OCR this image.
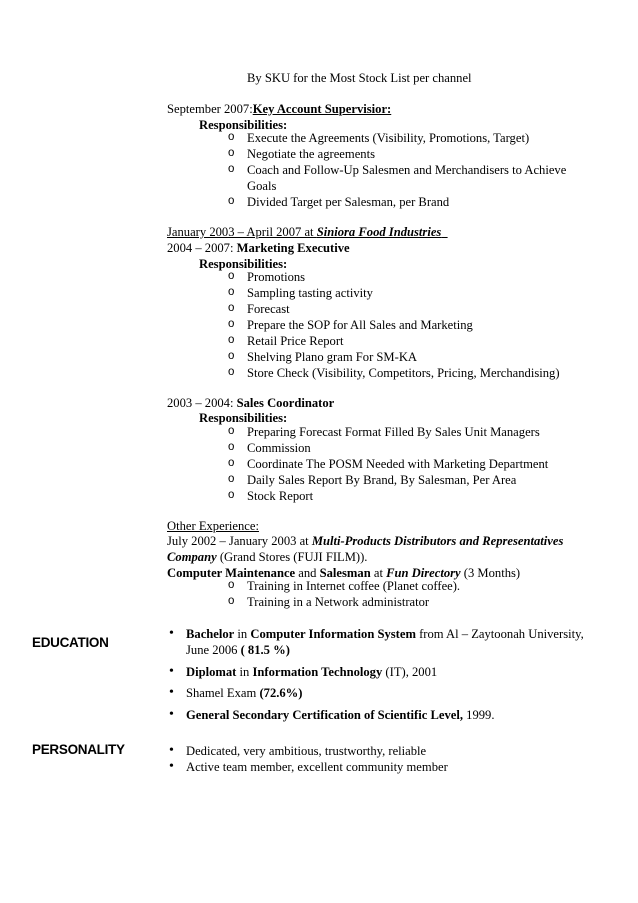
By SKU for the Most Stock List per channel
September 2007:Key Account Supervisior:
Responsibilities:
o Execute the Agreements (Visibility, Promotions, Target)
o Negotiate the agreements
o Coach and Follow-Up Salesmen and Merchandisers to Achieve
Goals
o Divided Target per Salesman, per Brand
January 2003 – April 2007 at Siniora Food Industries
2004 – 2007: Marketing Executive
Responsibilities:
o Promotions
o Sampling tasting activity
o Forecast
o Prepare the SOP for All Sales and Marketing
o Retail Price Report
o Shelving Plano gram For SM-KA
o Store Check (Visibility, Competitors, Pricing, Merchandising)
2003 – 2004: Sales Coordinator
Responsibilities:
o Preparing Forecast Format Filled By Sales Unit Managers
o Commission
o Coordinate The POSM Needed with Marketing Department
o Daily Sales Report By Brand, By Salesman, Per Area
o Stock Report
Other Experience:
July 2002 – January 2003 at Multi-Products Distributors and Representatives
Company (Grand Stores (FUJI FILM)).
Computer Maintenance and Salesman at Fun Directory (3 Months)
o Training in Internet coffee (Planet coffee).
o Training in a Network administrator
EDUCATION
• Bachelor in Computer Information System from Al – Zaytoonah University,
June 2006 ( 81.5 %)
• Diplomat in Information Technology (IT), 2001
• Shamel Exam (72.6%)
• General Secondary Certification of Scientific Level, 1999.
PERSONALITY
•	Dedicated, very ambitious, trustworthy, reliable
• Active team member, excellent community member
